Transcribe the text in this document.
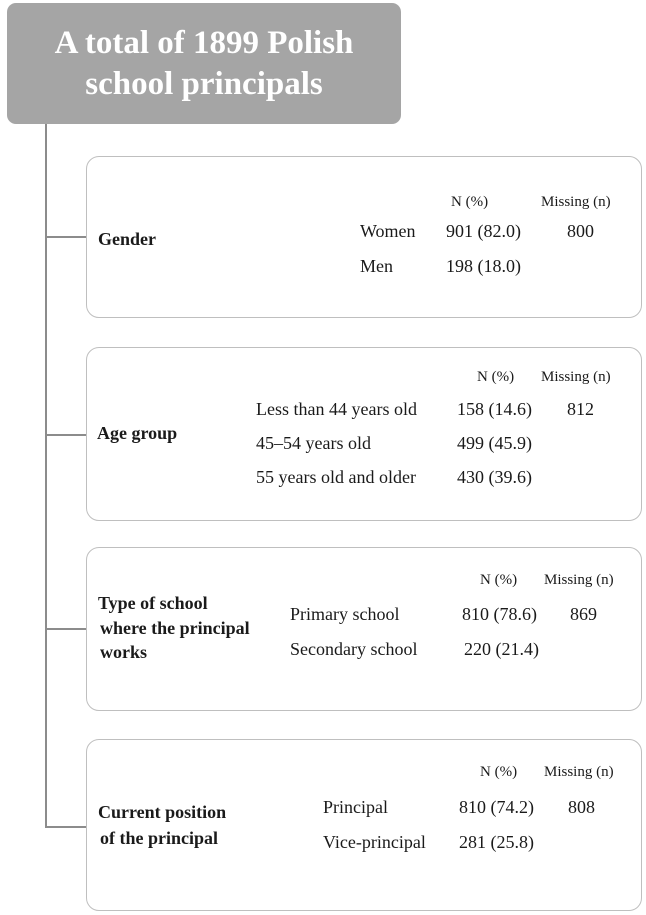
A total of 1899 Polish
school principals
Gender
N (%)	Missing (n)
Women 901 (82.0)	800
Men	198 (18.0)
Age group
N (%) Missing (n)
Less than 44 years old 158 (14.6) 812
45–54 years old	499 (45.9)
55 years old and older 430 (39.6)
Type of school
where the principal
works
N (%) Missing (n)
Primary school	810 (78.6) 869
Secondary school	220 (21.4)
Current position
of the principal
N (%) Missing (n)
Principal	810 (74.2) 808
Vice-principal 281 (25.8)
